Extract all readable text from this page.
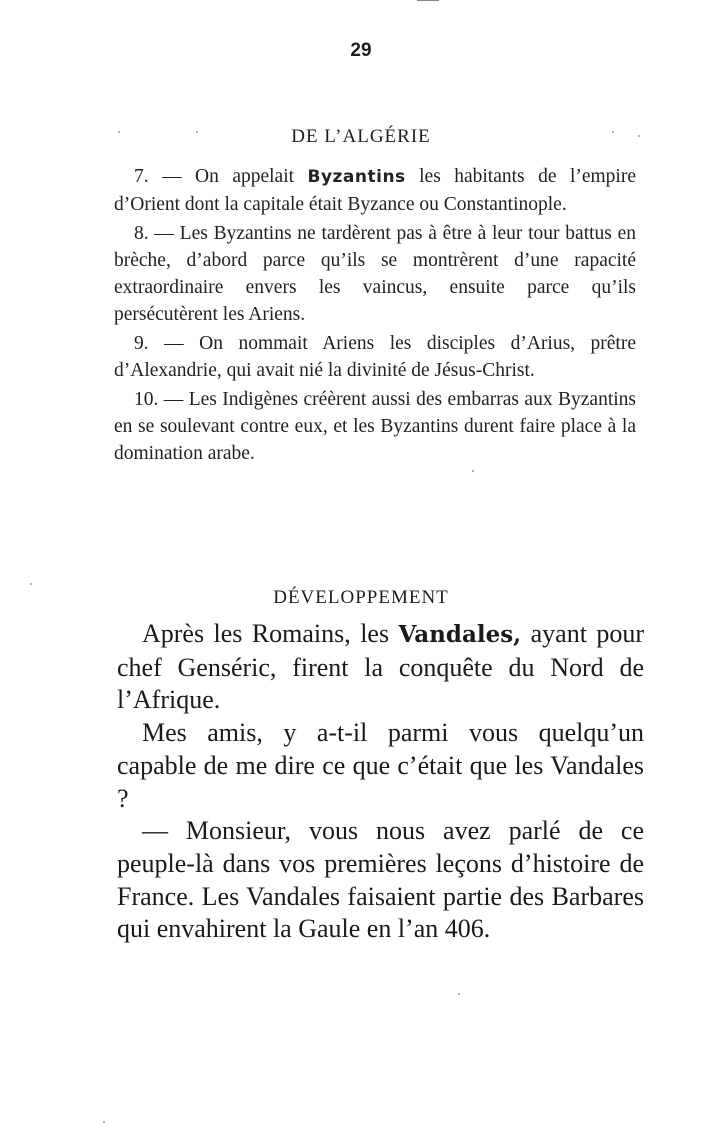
29
DE L’ALGÉRIE

7. — On appelait Byzantins les habitants de l’empire d’Orient dont la capitale était Byzance ou Constantinople.

8. — Les Byzantins ne tardèrent pas à être à leur tour battus en brèche, d’abord parce qu’ils se montrèrent d’une rapacité extraordinaire envers les vaincus, ensuite parce qu’ils persécutèrent les Ariens.

9. — On nommait Ariens les disciples d’Arius, prêtre d’Alexandrie, qui avait nié la divinité de Jésus-Christ.

10. — Les Indigènes créèrent aussi des embarras aux Byzantins en se soulevant contre eux, et les Byzantins durent faire place à la domination arabe.

DÉVELOPPEMENT

Après les Romains, les Vandales, ayant pour chef Genséric, firent la conquête du Nord de l’Afrique.

Mes amis, y a-t-il parmi vous quelqu’un capable de me dire ce que c’était que les Vandales ?

— Monsieur, vous nous avez parlé de ce peuple-là dans vos premières leçons d’histoire de France. Les Vandales faisaient partie des Barbares qui envahirent la Gaule en l’an 406.
